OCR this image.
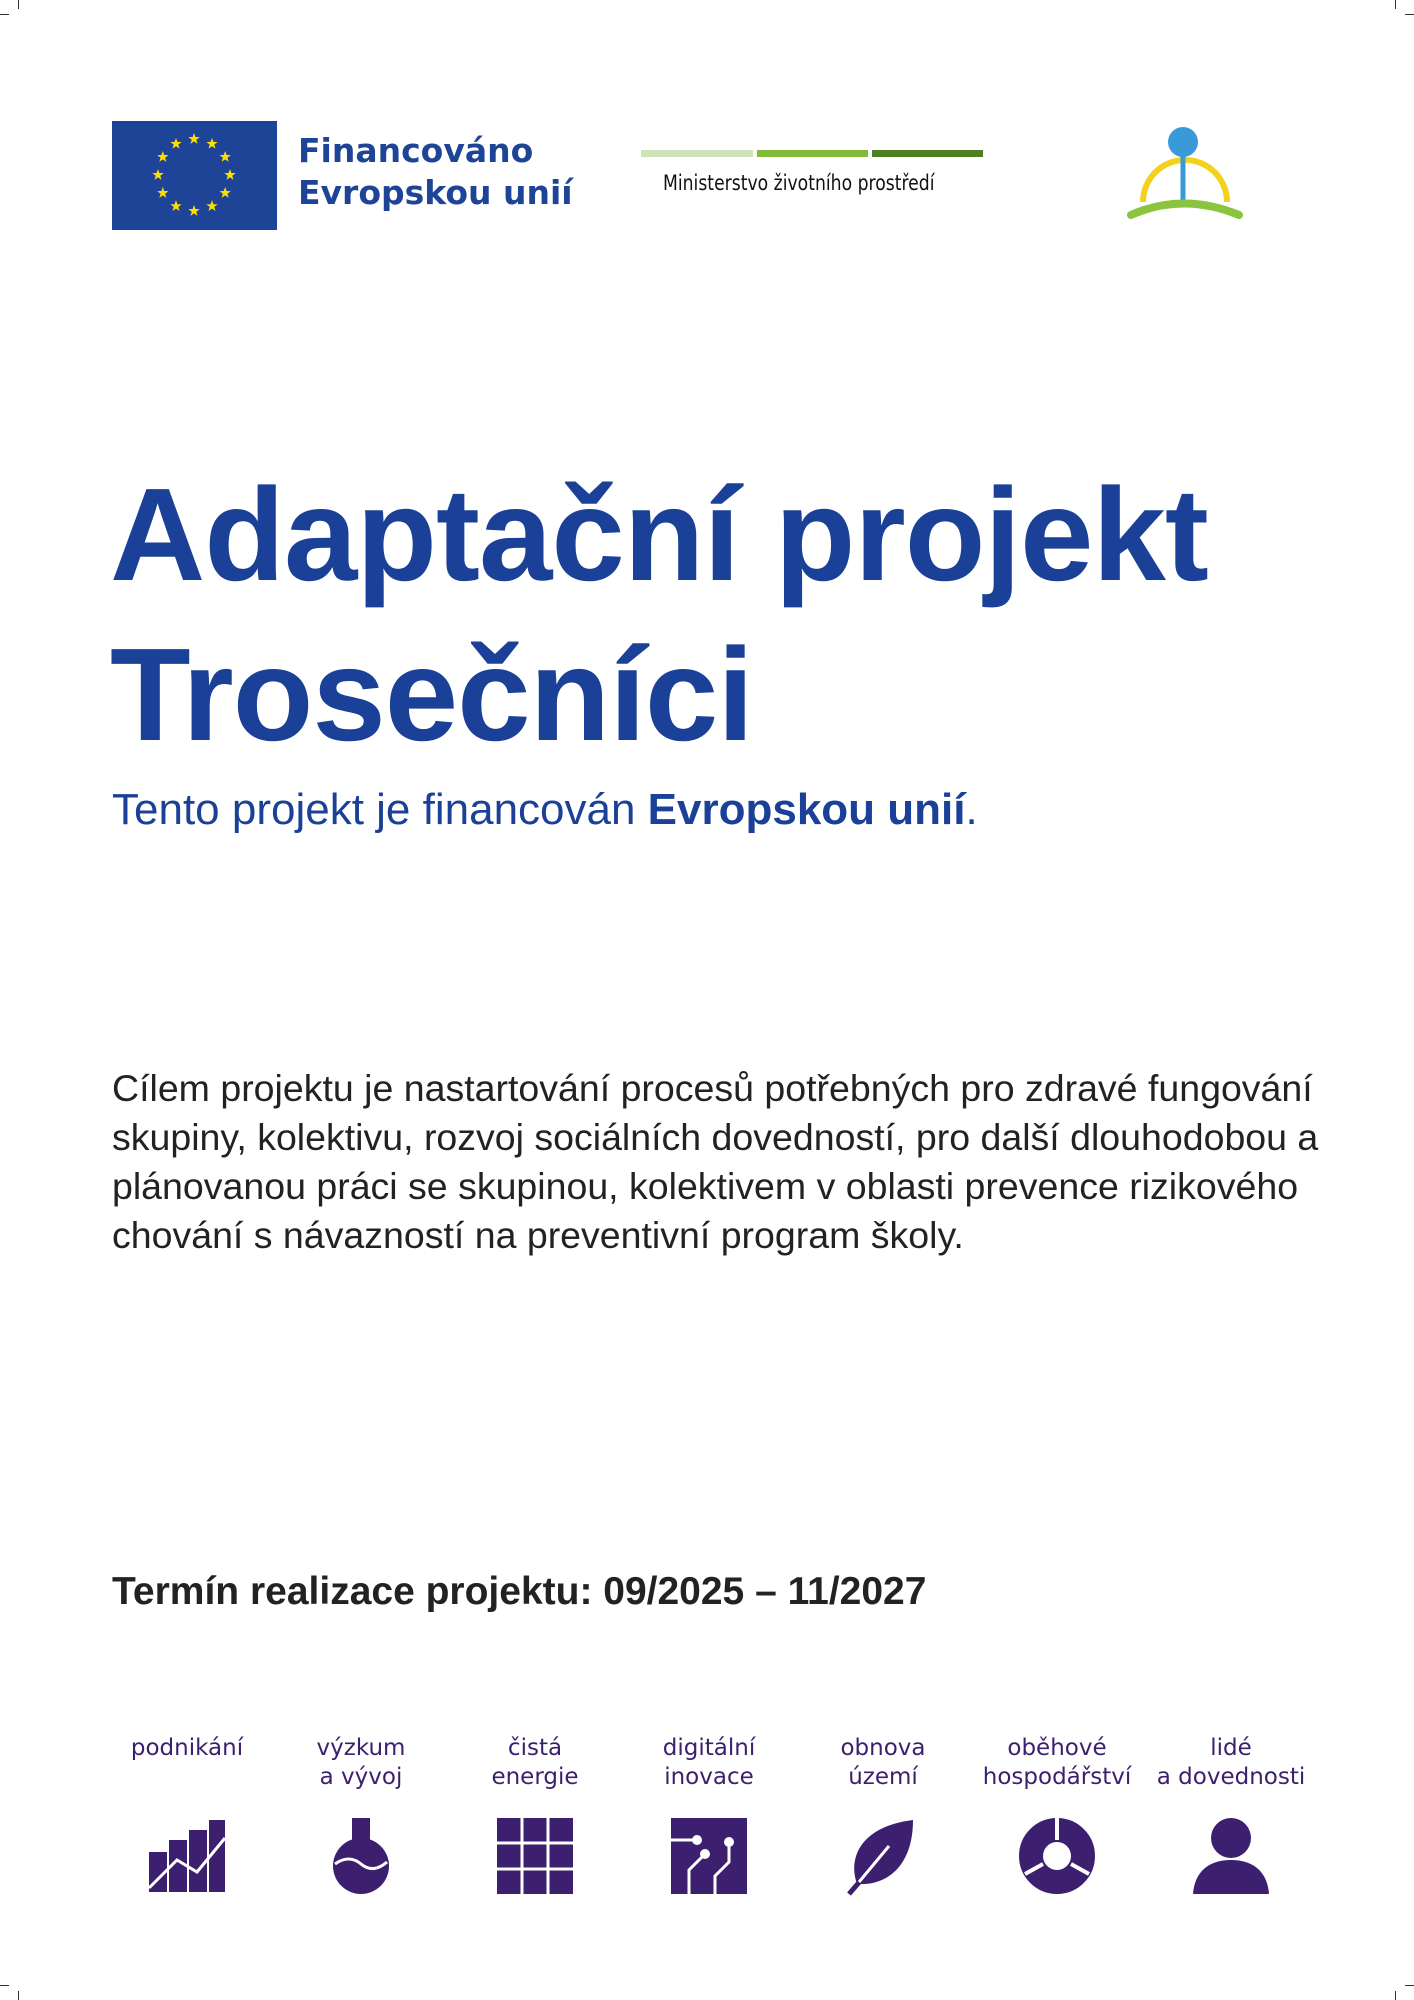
Financováno
Evropskou unií	Ministerstvo životního prostředí
Adaptační projekt
Trosečníci
Tento projekt je financován Evropskou unií.
Cílem projektu je nastartování procesů potřebných pro zdravé fungování skupiny, kolektivu, rozvoj sociálních dovedností, pro další dlouhodobou a plánovanou práci se skupinou, kolektivem v oblasti prevence rizikového chování s návazností na preventivní program školy.
Termín realizace projektu: 09/2025 – 11/2027
podnikání	výzkum
a vývoj
čistá
energie
digitální
inovace
obnova
území
oběhové
hospodářství
lidé
a dovednosti
